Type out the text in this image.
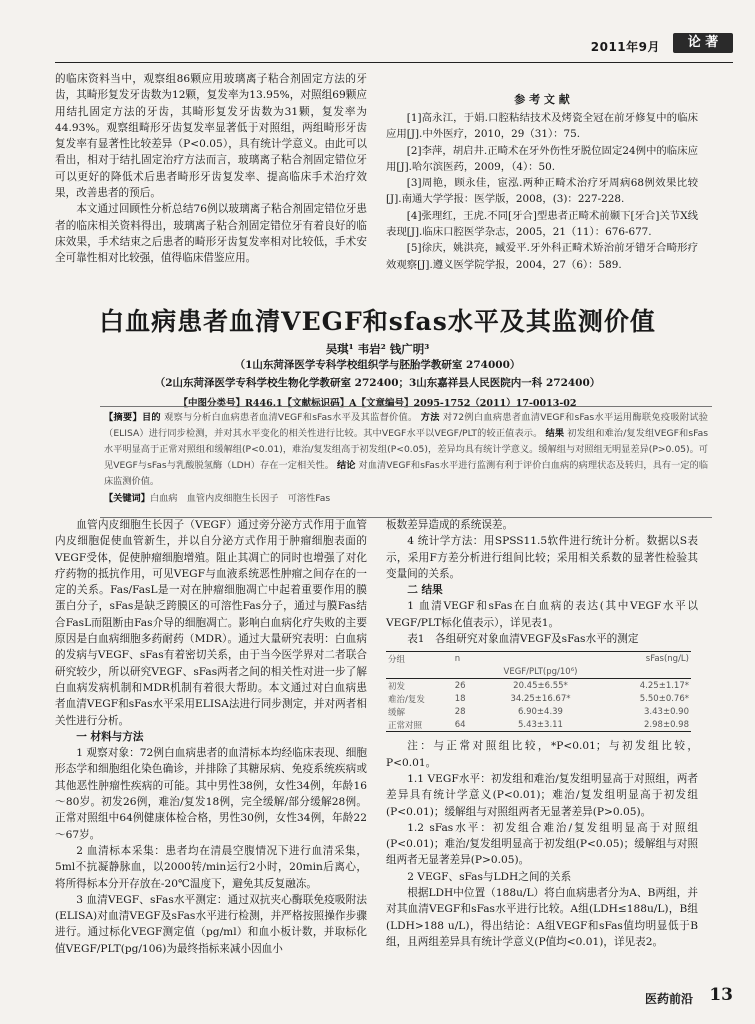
2011年9月	论 著

的临床资料当中，观察组86颗应用玻璃离子粘合剂固定方法的牙齿，其畸形复发牙齿数为12颗，复发率为13.95%，对照组69颗应用结扎固定方法的牙齿，其畸形复发牙齿数为31颗，复发率为44.93%。观察组畸形牙齿复发率显著低于对照组，两组畸形牙齿复发率有显著性比较差异（P<0.05），具有统计学意义。由此可以看出，相对于结扎固定治疗方法而言，玻璃离子粘合剂固定错位牙可以更好的降低术后患者畸形牙齿复发率、提高临床手术治疗效果，改善患者的预后。

本文通过回顾性分析总结76例以玻璃离子粘合剂固定错位牙患者的临床相关资料得出，玻璃离子粘合剂固定错位牙有着良好的临床效果，手术结束之后患者的畸形牙齿复发率相对比较低，手术安全可靠性相对比较强，值得临床借鉴应用。

参 考 文 献

[1]高永江，于娟.口腔粘结技术及烤瓷全冠在前牙修复中的临床应用[J].中外医疗，2010，29（31）：75.

[2]李萍，胡启井.正畸术在牙外伤性牙脱位固定24例中的临床应用[J].哈尔滨医药，2009，（4）：50.

[3]周艳，顾永佳，宦泓.两种正畸术治疗牙周病68例效果比较[J].南通大学学报：医学版，2008，(3)：227-228.

[4]张理红，王虎.不同[牙合]型患者正畸术前颞下[牙合]关节X线表现[J].临床口腔医学杂志，2005，21（11）：676-677.

[5]徐庆，姚洪亮，臧爱平.牙外科正畸术矫治前牙错牙合畸形疗效观察[J].遵义医学院学报，2004，27（6）：589.

白血病患者血清VEGF和sfas水平及其监测价值
吴琪¹ 韦岩² 钱广明³
（1山东菏泽医学专科学校组织学与胚胎学教研室 274000）
（2山东菏泽医学专科学校生物化学教研室 272400；3山东嘉祥县人民医院内一科 272400）
【中图分类号】R446.1【文献标识码】A【文章编号】2095-1752（2011）17-0013-02
【摘要】目的 观察与分析白血病患者血清VEGF和sFas水平及其监督价值。 方法 对72例白血病患者血清VEGF和sFas水平运用酶联免疫吸附试验（ELISA）进行同步检测，并对其水平变化的相关性进行比较。其中VEGF水平以VEGF/PLT的较正值表示。 结果 初发组和难治/复发组VEGF和sFas水平明显高于正常对照组和缓解组(P<0.01)，难治/复发组高于初发组(P<0.05)，差异均具有统计学意义。缓解组与对照组无明显差异(P>0.05)。可见VEGF与sFas与乳酸脱氢酶（LDH）存在一定相关性。 结论 对血清VEGF和sFas水平进行监测有利于评价白血病的病理状态及转归，具有一定的临床监测价值。
【关键词】白血病　血管内皮细胞生长因子　可溶性Fas

血管内皮细胞生长因子（VEGF）通过旁分泌方式作用于血管内皮细胞促使血管新生，并以自分泌方式作用于肿瘤细胞表面的VEGF受体，促使肿瘤细胞增殖。阻止其凋亡的同时也增强了对化疗药物的抵抗作用，可见VEGF与血液系统恶性肿瘤之间存在的一定的关系。Fas/FasL是一对在肿瘤细胞凋亡中起着重要作用的膜蛋白分子，sFas是缺乏跨膜区的可溶性Fas分子，通过与膜Fas结合FasL而阻断由Fas介导的细胞凋亡。影响白血病化疗失败的主要原因是白血病细胞多药耐药（MDR）。通过大量研究表明：白血病的发病与VEGF、sFas有着密切关系，由于当今医学界对二者联合研究较少，所以研究VEGF、sFas两者之间的相关性对进一步了解白血病发病机制和MDR机制有着很大帮助。本文通过对白血病患者血清VEGF和sFas水平采用ELISA法进行同步测定，并对两者相关性进行分析。

一 材料与方法

1 观察对象：72例白血病患者的血清标本均经临床表现、细胞形态学和细胞组化染色确诊，并排除了其糖尿病、免疫系统疾病或其他恶性肿瘤性疾病的可能。其中男性38例，女性34例，年龄16～80岁。初发26例，难治/复发18例，完全缓解/部分缓解28例。正常对照组中64例健康体检合格，男性30例，女性34例，年龄22～67岁。

2 血清标本采集：患者均在清晨空腹情况下进行血清采集，5ml不抗凝静脉血，以2000转/min运行2小时，20min后离心，将所得标本分开存放在-20℃温度下，避免其反复融冻。

3 血清VEGF、sFas水平测定：通过双抗夹心酶联免疫吸附法(ELISA)对血清VEGF及sFas水平进行检测，并严格按照操作步骤进行。通过标化VEGF测定值（pg/ml）和血小板计数，并取标化值VEGF/PLT(pg/106)为最终指标来减小因血小

板数差异造成的系统误差。

4 统计学方法：用SPSS11.5软件进行统计分析。数据以S表示，采用F方差分析进行组间比较；采用相关系数的显著性检验其变量间的关系。

二 结果

1 血清VEGF和sFas在白血病的表达(其中VEGF水平以VEGF/PLT标化值表示），详见表1。

表1　各组研究对象血清VEGF及sFas水平的测定

分组	n		sFas(ng/L)
		VEGF/PLT(pg/10⁶)	
初发	26	20.45±6.55*	4.25±1.17*
难治/复发	18	34.25±16.67*	5.50±0.76*
缓解	28	6.90±4.39	3.43±0.90
正常对照	64	5.43±3.11	2.98±0.98

注：与正常对照组比较，*P<0.01；与初发组比较，P<0.01。

1.1 VEGF水平：初发组和难治/复发组明显高于对照组，两者差异具有统计学意义(P<0.01)；难治/复发组明显高于初发组(P<0.01)；缓解组与对照组两者无显著差异(P>0.05)。

1.2 sFas水平：初发组合难治/复发组明显高于对照组(P<0.01)；难治/复发组明显高于初发组(P<0.05)；缓解组与对照组两者无显著差异(P>0.05)。

2 VEGF、sFas与LDH之间的关系

根据LDH中位置（188u/L）将白血病患者分为A、B两组，并对其血清VEGF和sFas水平进行比较。A组(LDH≤188u/L)，B组(LDH>188 u/L)，得出结论：A组VEGF和sFas值均明显低于B组，且两组差异具有统计学意义(P值均<0.01)，详见表2。

医药前沿 13
